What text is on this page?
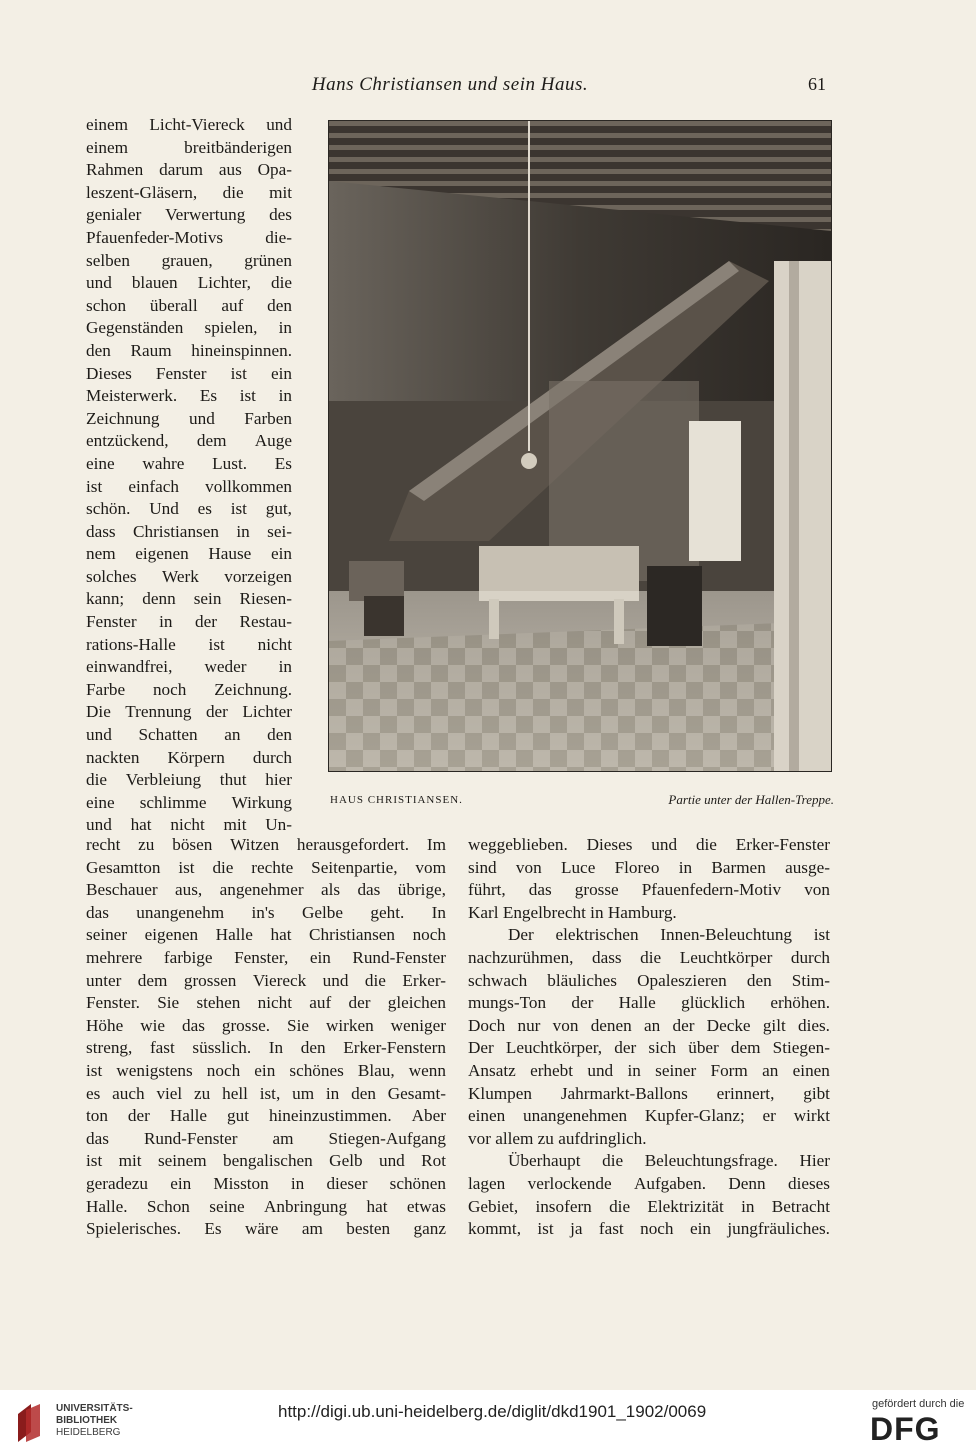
Hans Christiansen und sein Haus.	61
einem Licht-Viereck und
einem	breitbänderigen
Rahmen darum aus Opa-
leszent-Gläsern, die mit
genialer Verwertung des
Pfauenfeder-Motivs die-
selben grauen, grünen
und blauen Lichter, die
schon überall auf den
Gegenständen spielen, in
den Raum hineinspinnen.
Dieses Fenster ist ein
Meisterwerk. Es ist in
Zeichnung und Farben
entzückend, dem Auge
eine wahre Lust. Es
ist einfach vollkommen
schön. Und es ist gut,
dass Christiansen in sei-
nem eigenen Hause ein
solches Werk vorzeigen
kann; denn sein Riesen-
Fenster in der Restau-
rations-Halle ist nicht
einwandfrei, weder in
Farbe noch Zeichnung.
Die Trennung der Lichter
und Schatten an den
nackten Körpern durch
die Verbleiung thut hier
eine schlimme Wirkung
und hat nicht mit Un-
HAUS CHRISTIANSEN.	Partie unter der Hallen-Treppe.
recht zu bösen Witzen herausgefordert. Im
Gesamtton ist die rechte Seitenpartie, vom
Beschauer aus, angenehmer als das übrige,
das unangenehm in's Gelbe geht. In
seiner eigenen Halle hat Christiansen noch
mehrere farbige Fenster, ein Rund-Fenster
unter dem grossen Viereck und die Erker-
Fenster. Sie stehen nicht auf der gleichen
Höhe wie das grosse. Sie wirken weniger
streng, fast süsslich. In den Erker-Fenstern
ist wenigstens noch ein schönes Blau, wenn
es auch viel zu hell ist, um in den Gesamt-
ton der Halle gut hineinzustimmen. Aber
das Rund-Fenster am Stiegen-Aufgang
ist mit seinem bengalischen Gelb und Rot
geradezu ein Misston in dieser schönen
Halle. Schon seine Anbringung hat etwas
Spielerisches. Es wäre am besten ganz
weggeblieben. Dieses und die Erker-Fenster
sind von Luce Floreo in Barmen ausge-
führt, das grosse Pfauenfedern-Motiv von
Karl Engelbrecht in Hamburg.
Der elektrischen Innen-Beleuchtung ist
nachzurühmen, dass die Leuchtkörper durch
schwach bläuliches Opaleszieren den Stim-
mungs-Ton der Halle glücklich erhöhen.
Doch nur von denen an der Decke gilt dies.
Der Leuchtkörper, der sich über dem Stiegen-
Ansatz erhebt und in seiner Form an einen
Klumpen Jahrmarkt-Ballons erinnert, gibt
einen unangenehmen Kupfer-Glanz; er wirkt
vor allem zu aufdringlich.
Überhaupt die Beleuchtungsfrage. Hier
lagen verlockende Aufgaben. Denn dieses
Gebiet, insofern die Elektrizität in Betracht
kommt, ist ja fast noch ein jungfräuliches.
UNIVERSITÄTS-
BIBLIOTHEK
HEIDELBERG
http://digi.ub.uni-heidelberg.de/diglit/dkd1901_1902/0069	gefördert durch die
DFG
